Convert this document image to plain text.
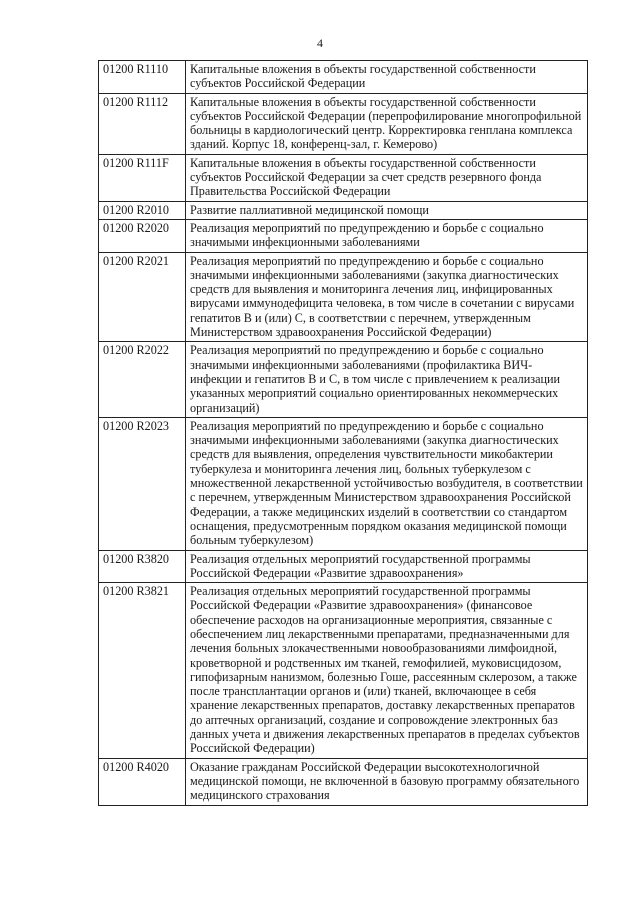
4
01200 R1110	Капитальные вложения в объекты государственной собственности субъектов Российской Федерации
01200 R1112	Капитальные вложения в объекты государственной собственности субъектов Российской Федерации (перепрофилирование многопрофильной больницы в кардиологический центр. Корректировка генплана комплекса зданий. Корпус 18, конференц-зал, г. Кемерово)
01200 R111F	Капитальные вложения в объекты государственной собственности субъектов Российской Федерации за счет средств резервного фонда Правительства Российской Федерации
01200 R2010	Развитие паллиативной медицинской помощи
01200 R2020	Реализация мероприятий по предупреждению и борьбе с социально значимыми инфекционными заболеваниями
01200 R2021	Реализация мероприятий по предупреждению и борьбе с социально значимыми инфекционными заболеваниями (закупка диагностических средств для выявления и мониторинга лечения лиц, инфицированных вирусами иммунодефицита человека, в том числе в сочетании с вирусами гепатитов В и (или) С, в соответствии с перечнем, утвержденным Министерством здравоохранения Российской Федерации)
01200 R2022	Реализация мероприятий по предупреждению и борьбе с социально значимыми инфекционными заболеваниями (профилактика ВИЧ-инфекции и гепатитов В и С, в том числе с привлечением к реализации указанных мероприятий социально ориентированных некоммерческих организаций)
01200 R2023	Реализация мероприятий по предупреждению и борьбе с социально значимыми инфекционными заболеваниями (закупка диагностических средств для выявления, определения чувствительности микобактерии туберкулеза и мониторинга лечения лиц, больных туберкулезом с множественной лекарственной устойчивостью возбудителя, в соответствии с перечнем, утвержденным Министерством здравоохранения Российской Федерации, а также медицинских изделий в соответствии со стандартом оснащения, предусмотренным порядком оказания медицинской помощи больным туберкулезом)
01200 R3820	Реализация отдельных мероприятий государственной программы Российской Федерации «Развитие здравоохранения»
01200 R3821	Реализация отдельных мероприятий государственной программы Российской Федерации «Развитие здравоохранения» (финансовое обеспечение расходов на организационные мероприятия, связанные с обеспечением лиц лекарственными препаратами, предназначенными для лечения больных злокачественными новообразованиями лимфоидной, кроветворной и родственных им тканей, гемофилией, муковисцидозом, гипофизарным нанизмом, болезнью Гоше, рассеянным склерозом, а также после трансплантации органов и (или) тканей, включающее в себя хранение лекарственных препаратов, доставку лекарственных препаратов до аптечных организаций, создание и сопровождение электронных баз данных учета и движения лекарственных препаратов в пределах субъектов Российской Федерации)
01200 R4020	Оказание гражданам Российской Федерации высокотехнологичной медицинской помощи, не включенной в базовую программу обязательного медицинского страхования
